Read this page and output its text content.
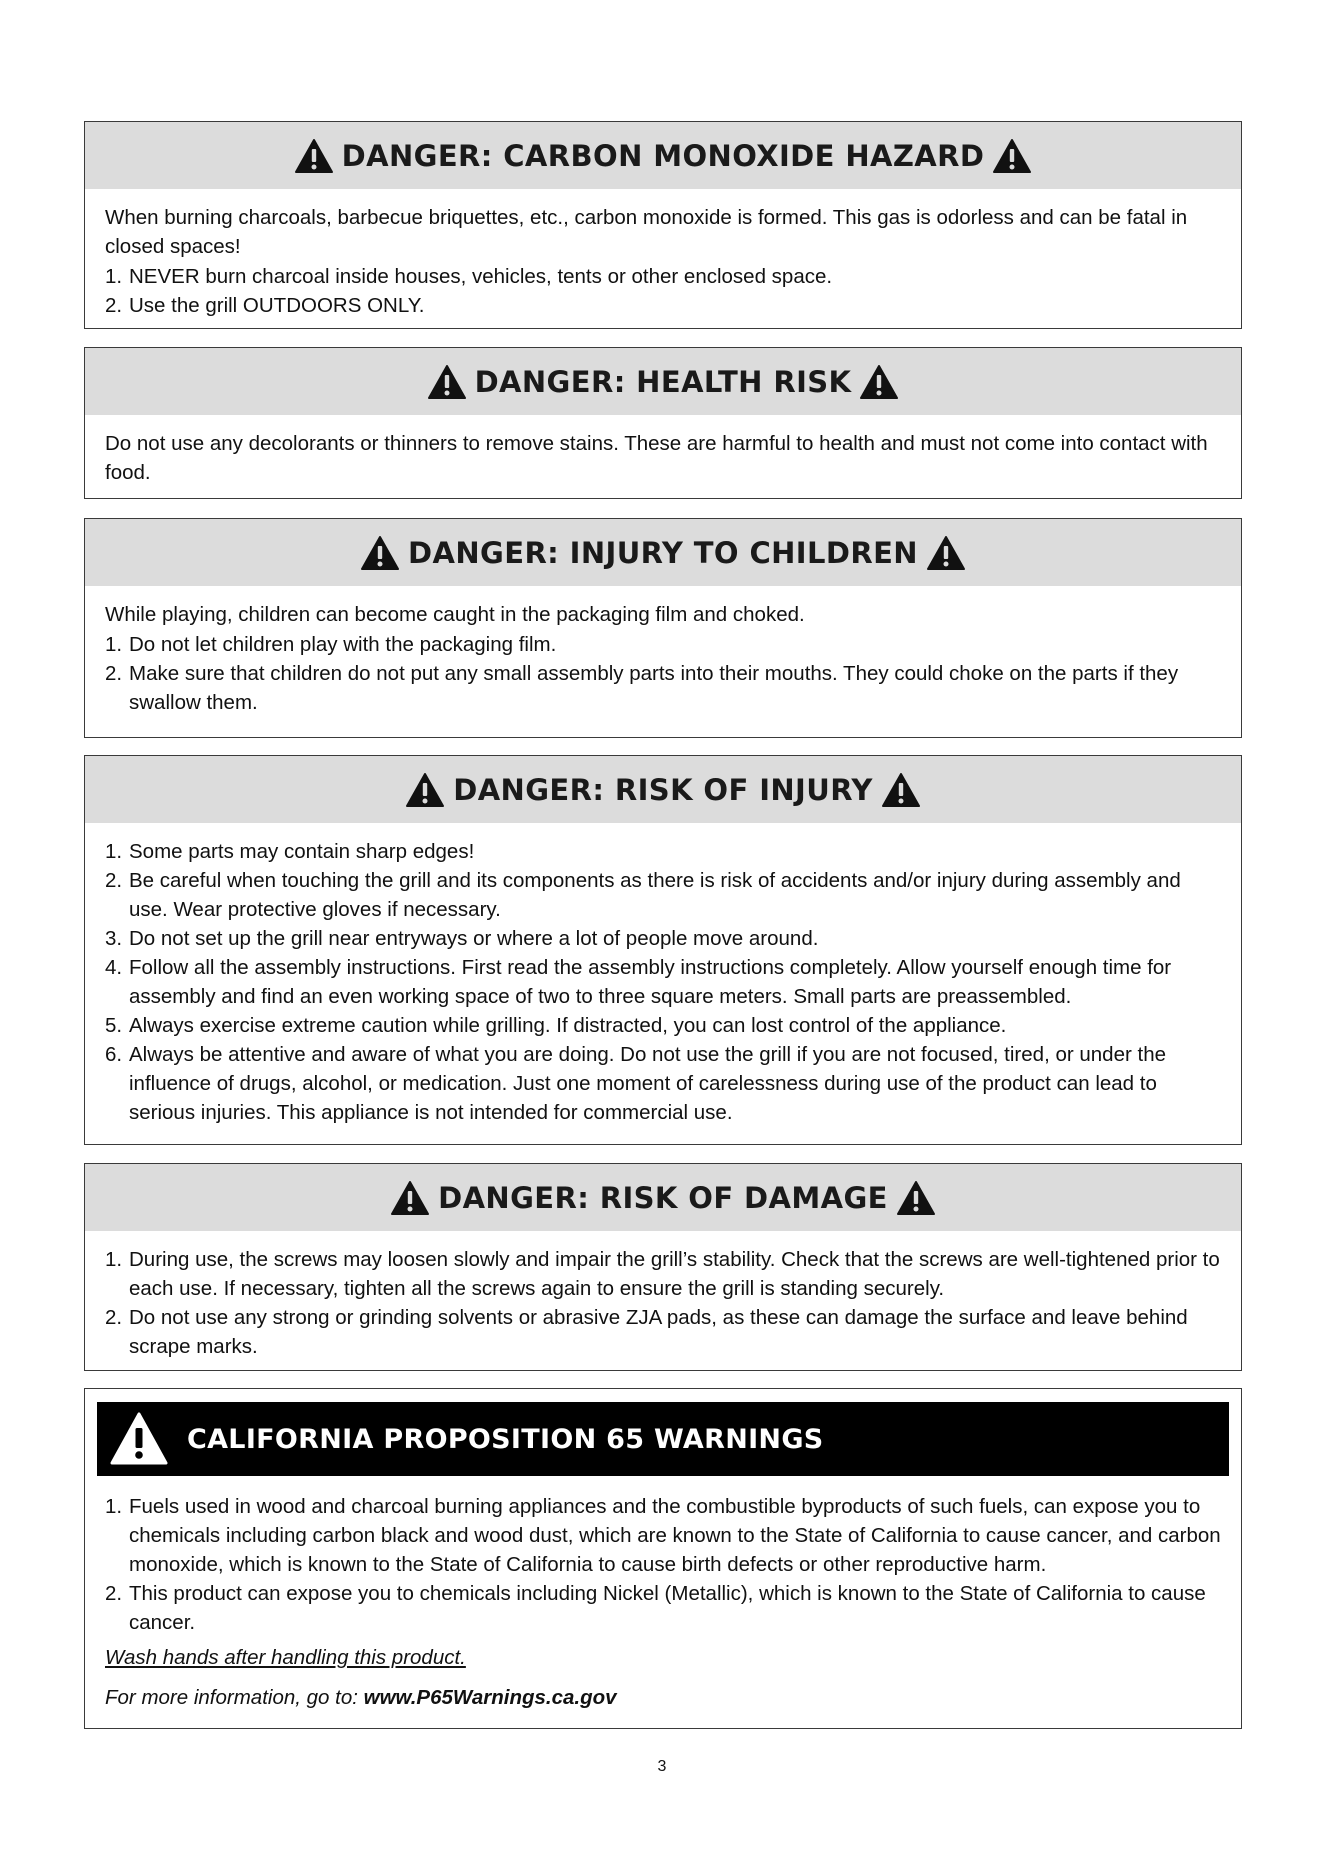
DANGER: CARBON MONOXIDE HAZARD

When burning charcoals, barbecue briquettes, etc., carbon monoxide is formed. This gas is odorless and can be fatal in closed spaces!

1. NEVER burn charcoal inside houses, vehicles, tents or other enclosed space.
2. Use the grill OUTDOORS ONLY.
DANGER: HEALTH RISK

Do not use any decolorants or thinners to remove stains. These are harmful to health and must not come into contact with food.

DANGER: INJURY TO CHILDREN

While playing, children can become caught in the packaging film and choked.

1. Do not let children play with the packaging film.
2. Make sure that children do not put any small assembly parts into their mouths. They could choke on the parts if they swallow them.
DANGER: RISK OF INJURY
1. Some parts may contain sharp edges!
2. Be careful when touching the grill and its components as there is risk of accidents and/or injury during assembly and use. Wear protective gloves if necessary.
3. Do not set up the grill near entryways or where a lot of people move around.
4. Follow all the assembly instructions. First read the assembly instructions completely. Allow yourself enough time for assembly and find an even working space of two to three square meters. Small parts are preassembled.
5. Always exercise extreme caution while grilling. If distracted, you can lost control of the appliance.
6. Always be attentive and aware of what you are doing. Do not use the grill if you are not focused, tired, or under the influence of drugs, alcohol, or medication. Just one moment of carelessness during use of the product can lead to serious injuries. This appliance is not intended for commercial use.
DANGER: RISK OF DAMAGE
1. During use, the screws may loosen slowly and impair the grill’s stability. Check that the screws are well-tightened prior to each use. If necessary, tighten all the screws again to ensure the grill is standing securely.
2. Do not use any strong or grinding solvents or abrasive ZJA pads, as these can damage the surface and leave behind scrape marks.
CALIFORNIA PROPOSITION 65 WARNINGS
1. Fuels used in wood and charcoal burning appliances and the combustible byproducts of such fuels, can expose you to chemicals including carbon black and wood dust, which are known to the State of California to cause cancer, and carbon monoxide, which is known to the State of California to cause birth defects or other reproductive harm.
2. This product can expose you to chemicals including Nickel (Metallic), which is known to the State of California to cause cancer.
Wash hands after handling this product.
For more information, go to: www.P65Warnings.ca.gov
3
